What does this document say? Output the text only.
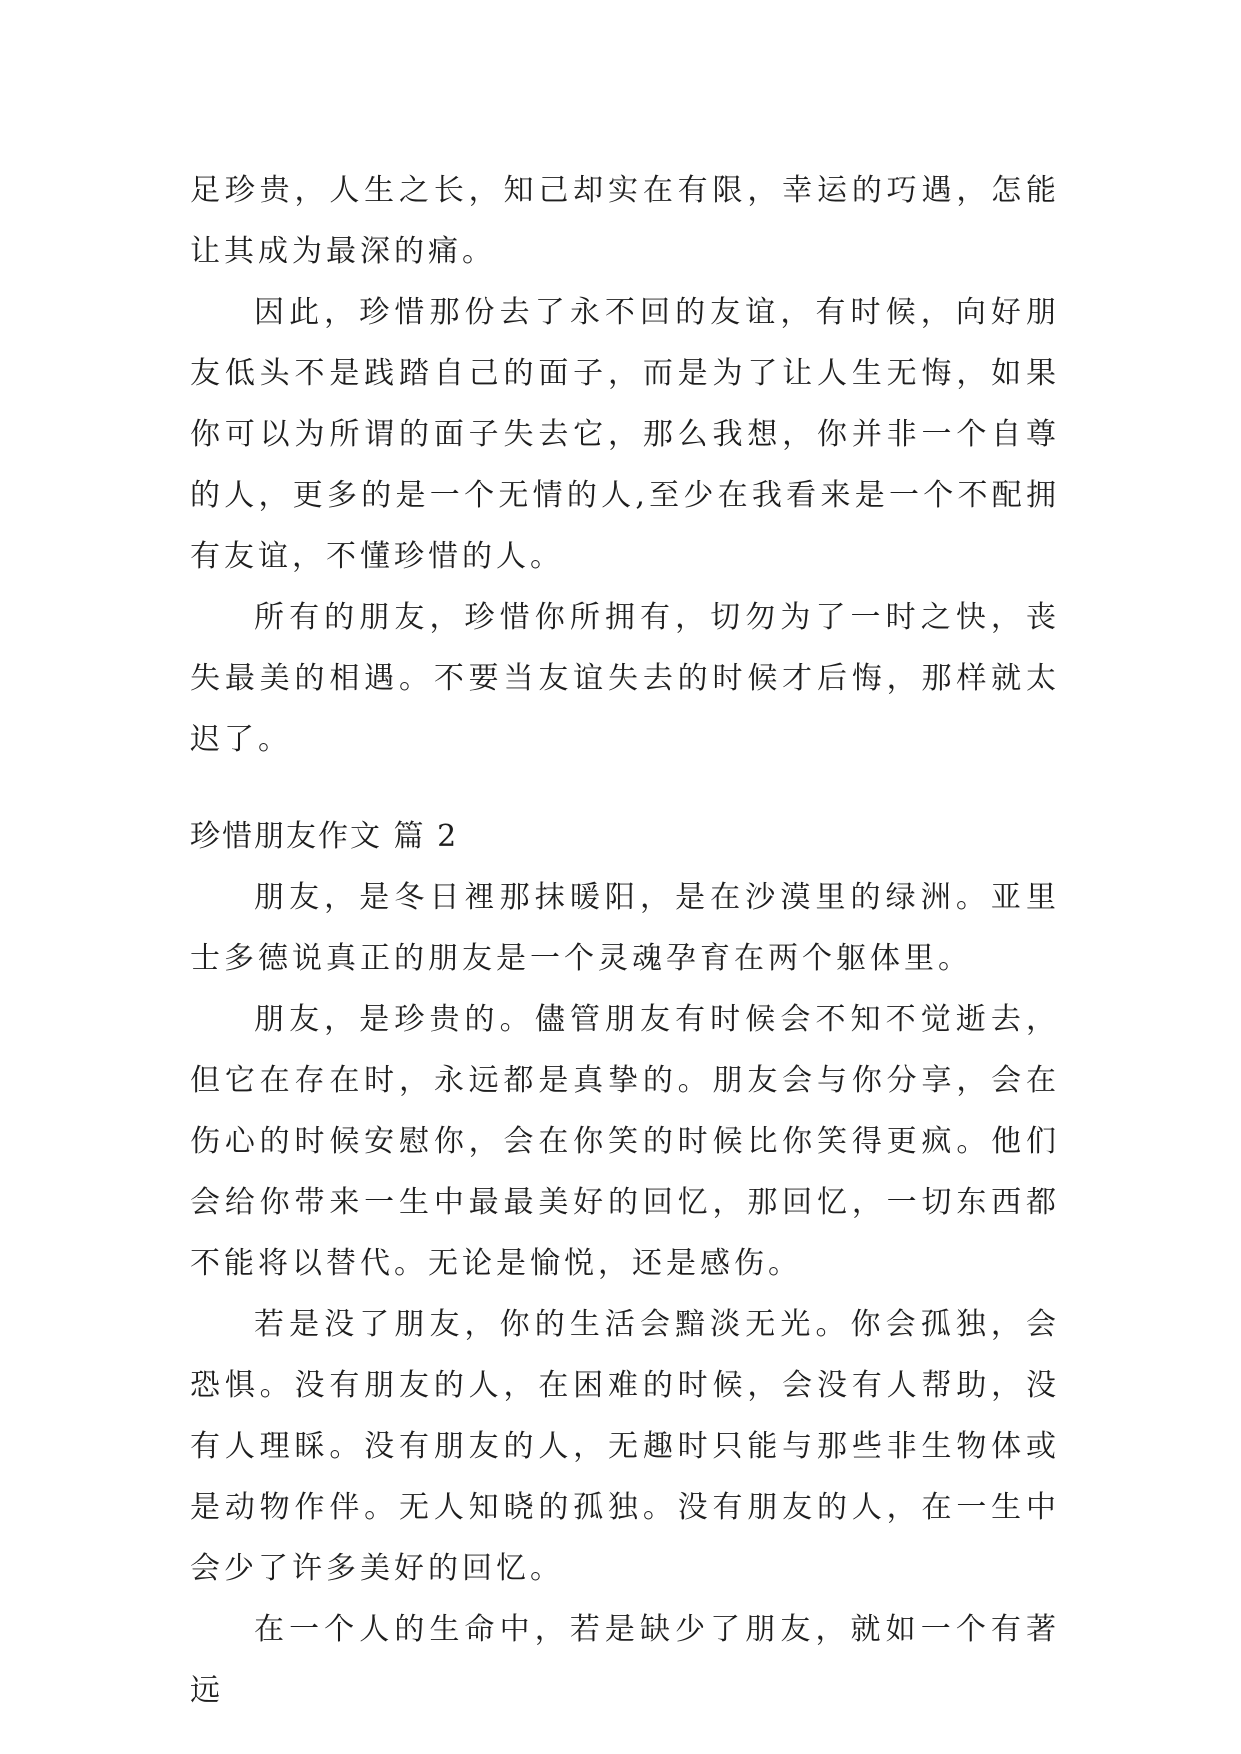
足珍贵，人生之长，知己却实在有限，幸运的巧遇，怎能让其成为最深的痛。

因此，珍惜那份去了永不回的友谊，有时候，向好朋友低头不是践踏自己的面子，而是为了让人生无悔，如果你可以为所谓的面子失去它，那么我想，你并非一个自尊的人，更多的是一个无情的人,至少在我看来是一个不配拥有友谊，不懂珍惜的人。

所有的朋友，珍惜你所拥有，切勿为了一时之快，丧失最美的相遇。不要当友谊失去的时候才后悔，那样就太迟了。

珍惜朋友作文 篇 2

朋友，是冬日裡那抹暖阳，是在沙漠里的绿洲。亚里士多德说真正的朋友是一个灵魂孕育在两个躯体里。

朋友，是珍贵的。儘管朋友有时候会不知不觉逝去，但它在存在时，永远都是真挚的。朋友会与你分享，会在伤心的时候安慰你，会在你笑的时候比你笑得更疯。他们会给你带来一生中最最美好的回忆，那回忆，一切东西都不能将以替代。无论是愉悦，还是感伤。

若是没了朋友，你的生活会黯淡无光。你会孤独，会恐惧。没有朋友的人，在困难的时候，会没有人帮助，没有人理睬。没有朋友的人，无趣时只能与那些非生物体或是动物作伴。无人知晓的孤独。没有朋友的人，在一生中会少了许多美好的回忆。

在一个人的生命中，若是缺少了朋友，就如一个有著远
